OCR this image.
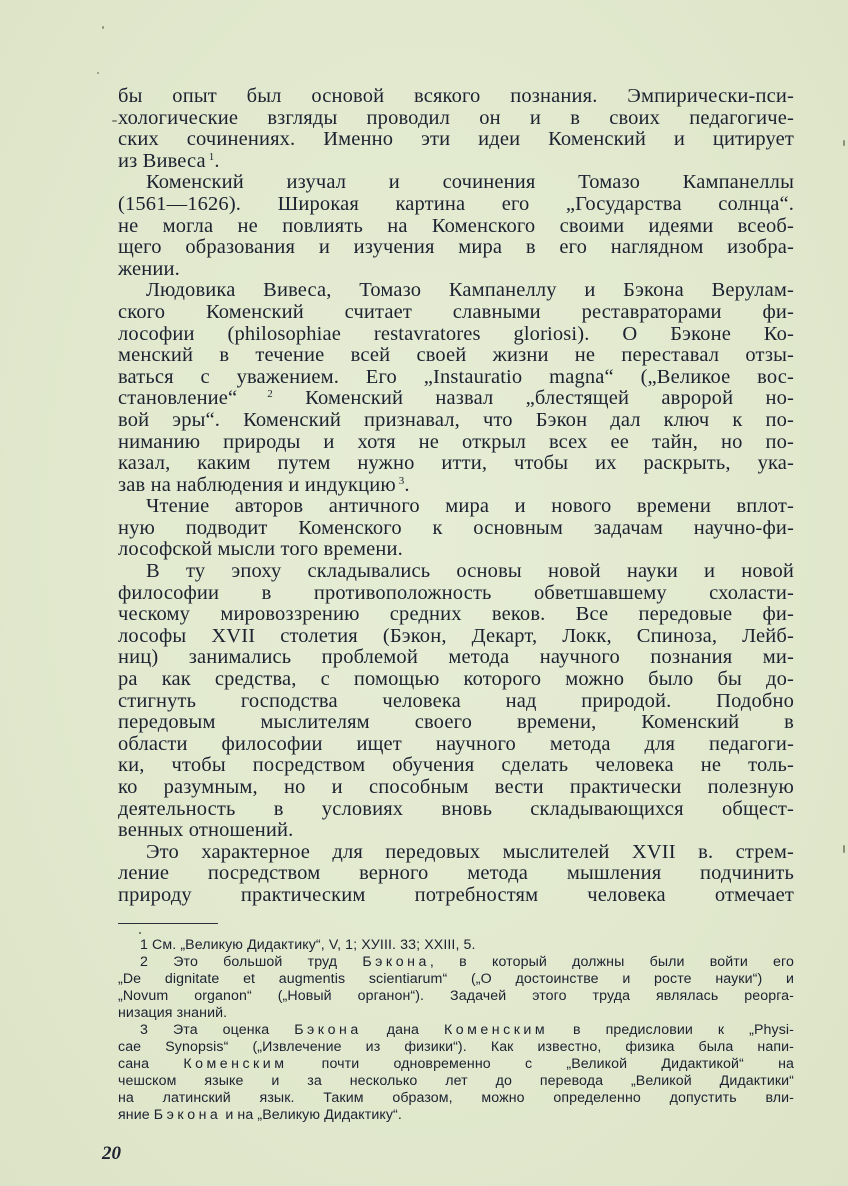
бы опыт был основой всякого познания. Эмпирически-пси-
хологические взгляды проводил он и в своих педагогиче-
ских сочинениях. Именно эти идеи Коменский и цитирует
из Вивеса $^1$.
Коменский изучал и сочинения Томазо Кампанеллы
(1561—1626). Широкая картина его „Государства солнца“.
не могла не повлиять на Коменского своими идеями всеоб-
щего образования и изучения мира в его наглядном изобра-
жении.
Людовика Вивеса, Томазо Кампанеллу и Бэкона Верулам-
ского Коменский считает славными реставраторами фи-
лософии (philosophiae restavratores gloriosi). О Бэконе Ко-
менский в течение всей своей жизни не переставал отзы-
ваться с уважением. Его „Instauratio magna“ („Великое вос-
становление“ $^2$ Коменский назвал „блестящей авророй но-
вой эры“. Коменский признавал, что Бэкон дал ключ к по-
ниманию природы и хотя не открыл всех ее тайн, но по-
казал, каким путем нужно итти, чтобы их раскрыть, ука-
зав на наблюдения и индукцию $^3$.
Чтение авторов античного мира и нового времени вплот-
ную подводит Коменского к основным задачам научно-фи-
лософской мысли того времени.
В ту эпоху складывались основы новой науки и новой
философии в противоположность обветшавшему схоласти-
ческому мировоззрению средних веков. Все передовые фи-
лософы XVII столетия (Бэкон, Декарт, Локк, Спиноза, Лейб-
ниц) занимались проблемой метода научного познания ми-
ра как средства, с помощью которого можно было бы до-
стигнуть господства человека над природой. Подобно
передовым мыслителям своего времени, Коменский в
области философии ищет научного метода для педагоги-
ки, чтобы посредством обучения сделать человека не толь-
ко разумным, но и способным вести практически полезную
деятельность в условиях вновь складывающихся общест-
венных отношений.
Это характерное для передовых мыслителей XVII в. стрем-
ление посредством верного метода мышления подчинить
природу практическим потребностям человека отмечает
1 См. „Великую Дидактику“, V, 1; XУIII. 33; XXIII, 5.
2 Это большой труд Бэкона, в который должны были войти его
„De dignitate et augmentis scientiarum“ („О достоинстве и росте науки“) и
„Novum organon“ („Новый органон“). Задачей этого труда являлась реорга-
низация знаний.
3 Эта оценка Бэкона дана Коменским в предисловии к „Physi-
cae Synopsis“ („Извлечение из физики“). Как известно, физика была напи-
сана Коменским почти одновременно с „Великой Дидактикой“ на
чешском языке и за несколько лет до перевода „Великой Дидактики“
на латинский язык. Таким образом, можно определенно допустить вли-
яние Бэкона и на „Великую Дидактику“.
20
